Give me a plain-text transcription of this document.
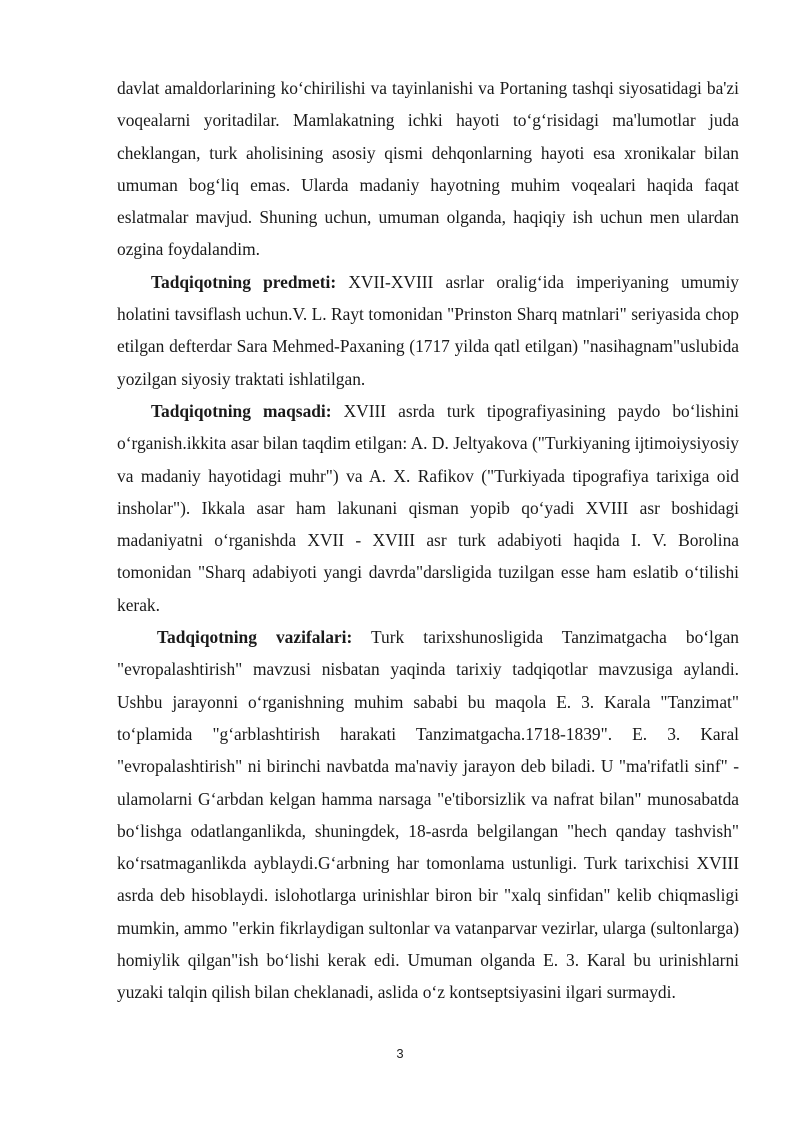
davlat amaldorlarining ko‘chirilishi va tayinlanishi va Portaning tashqi siyosatidagi ba'zi voqealarni yoritadilar. Mamlakatning ichki hayoti to‘g‘risidagi ma'lumotlar juda cheklangan, turk aholisining asosiy qismi dehqonlarning hayoti esa xronikalar bilan umuman bog‘liq emas. Ularda madaniy hayotning muhim voqealari haqida faqat eslatmalar mavjud. Shuning uchun, umuman olganda, haqiqiy ish uchun men ulardan ozgina foydalandim.

Tadqiqotning predmeti: XVII-XVIII asrlar oralig‘ida imperiyaning umumiy holatini tavsiflash uchun.V. L. Rayt tomonidan "Prinston Sharq matnlari" seriyasida chop etilgan defterdar Sara Mehmed-Paxaning (1717 yilda qatl etilgan) "nasihagnam"uslubida yozilgan siyosiy traktati ishlatilgan.

Tadqiqotning maqsadi: XVIII asrda turk tipografiyasining paydo bo‘lishini o‘rganish.ikkita asar bilan taqdim etilgan: A. D. Jeltyakova ("Turkiyaning ijtimoiysiyosiy va madaniy hayotidagi muhr") va A. X. Rafikov ("Turkiyada tipografiya tarixiga oid insholar"). Ikkala asar ham lakunani qisman yopib qo‘yadi XVIII asr boshidagi madaniyatni o‘rganishda XVII - XVIII asr turk adabiyoti haqida I. V. Borolina tomonidan "Sharq adabiyoti yangi davrda"darsligida tuzilgan esse ham eslatib o‘tilishi kerak.

Tadqiqotning vazifalari: Turk tarixshunosligida Tanzimatgacha bo‘lgan "evropalashtirish" mavzusi nisbatan yaqinda tarixiy tadqiqotlar mavzusiga aylandi. Ushbu jarayonni o‘rganishning muhim sababi bu maqola E. 3. Karala "Tanzimat" to‘plamida "g‘arblashtirish harakati Tanzimatgacha.1718-1839". E. 3. Karal "evropalashtirish" ni birinchi navbatda ma'naviy jarayon deb biladi. U "ma'rifatli sinf" - ulamolarni G‘arbdan kelgan hamma narsaga "e'tiborsizlik va nafrat bilan" munosabatda bo‘lishga odatlanganlikda, shuningdek, 18-asrda belgilangan "hech qanday tashvish" ko‘rsatmaganlikda ayblaydi.G‘arbning har tomonlama ustunligi. Turk tarixchisi XVIII asrda deb hisoblaydi. islohotlarga urinishlar biron bir "xalq sinfidan" kelib chiqmasligi mumkin, ammo "erkin fikrlaydigan sultonlar va vatanparvar vezirlar, ularga (sultonlarga) homiylik qilgan"ish bo‘lishi kerak edi. Umuman olganda E. 3. Karal bu urinishlarni yuzaki talqin qilish bilan cheklanadi, aslida o‘z kontseptsiyasini ilgari surmaydi.

3
